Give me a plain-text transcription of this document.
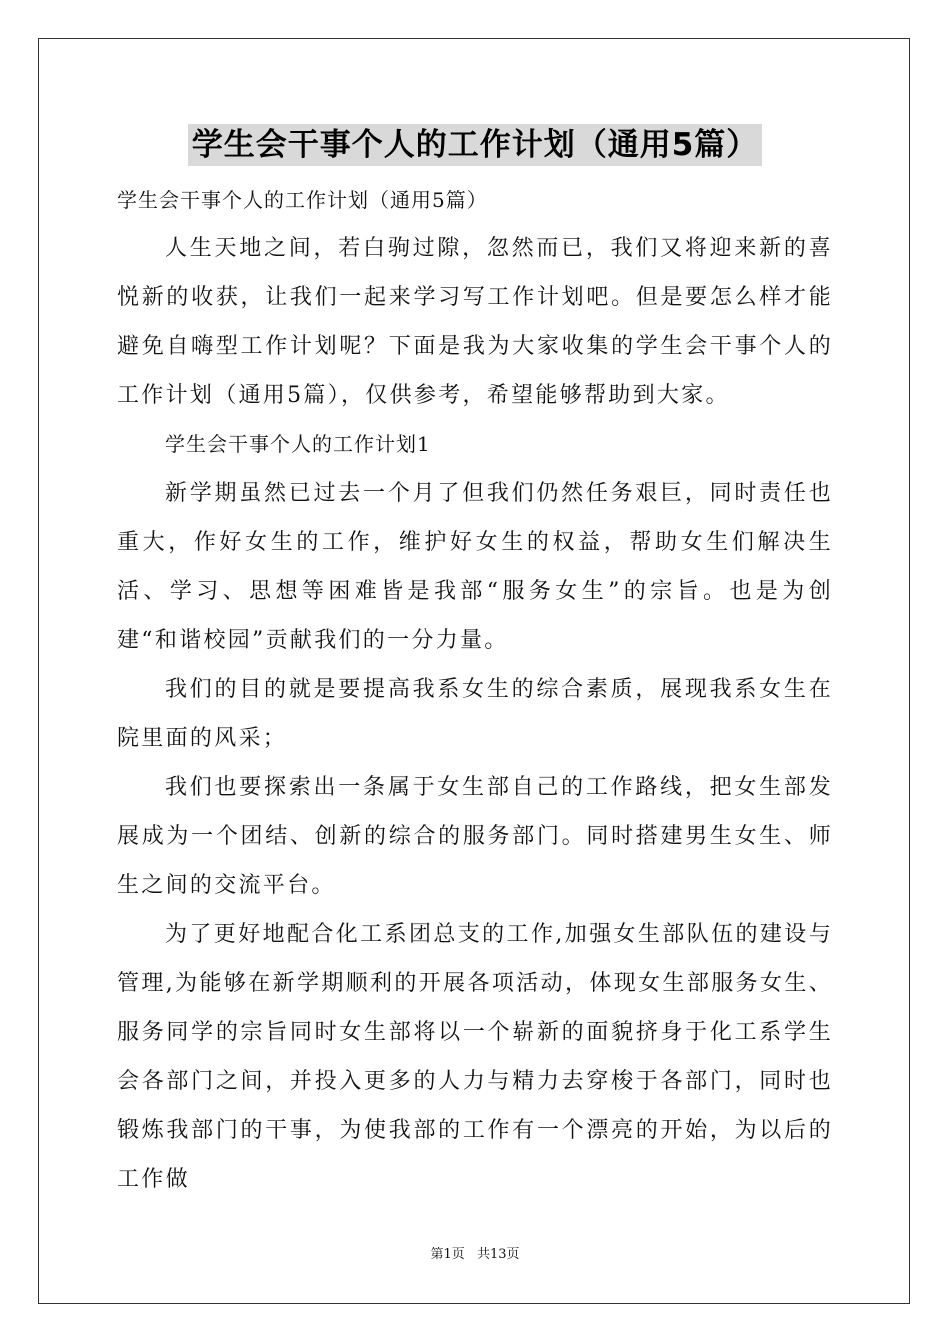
学生会干事个人的工作计划（通用5篇）

学生会干事个人的工作计划（通用5篇）

人生天地之间，若白驹过隙，忽然而已，我们又将迎来新的喜悦新的收获，让我们一起来学习写工作计划吧。但是要怎么样才能避免自嗨型工作计划呢？下面是我为大家收集的学生会干事个人的工作计划（通用5篇），仅供参考，希望能够帮助到大家。

学生会干事个人的工作计划1

新学期虽然已过去一个月了但我们仍然任务艰巨，同时责任也重大，作好女生的工作，维护好女生的权益，帮助女生们解决生活、学习、思想等困难皆是我部“服务女生”的宗旨。也是为创建“和谐校园”贡献我们的一分力量。

我们的目的就是要提高我系女生的综合素质，展现我系女生在院里面的风采；

我们也要探索出一条属于女生部自己的工作路线，把女生部发展成为一个团结、创新的综合的服务部门。同时搭建男生女生、师生之间的交流平台。

为了更好地配合化工系团总支的工作,加强女生部队伍的建设与管理,为能够在新学期顺利的开展各项活动，体现女生部服务女生、服务同学的宗旨同时女生部将以一个崭新的面貌挤身于化工系学生会各部门之间，并投入更多的人力与精力去穿梭于各部门，同时也锻炼我部门的干事，为使我部的工作有一个漂亮的开始，为以后的工作做

第1页 共13页
